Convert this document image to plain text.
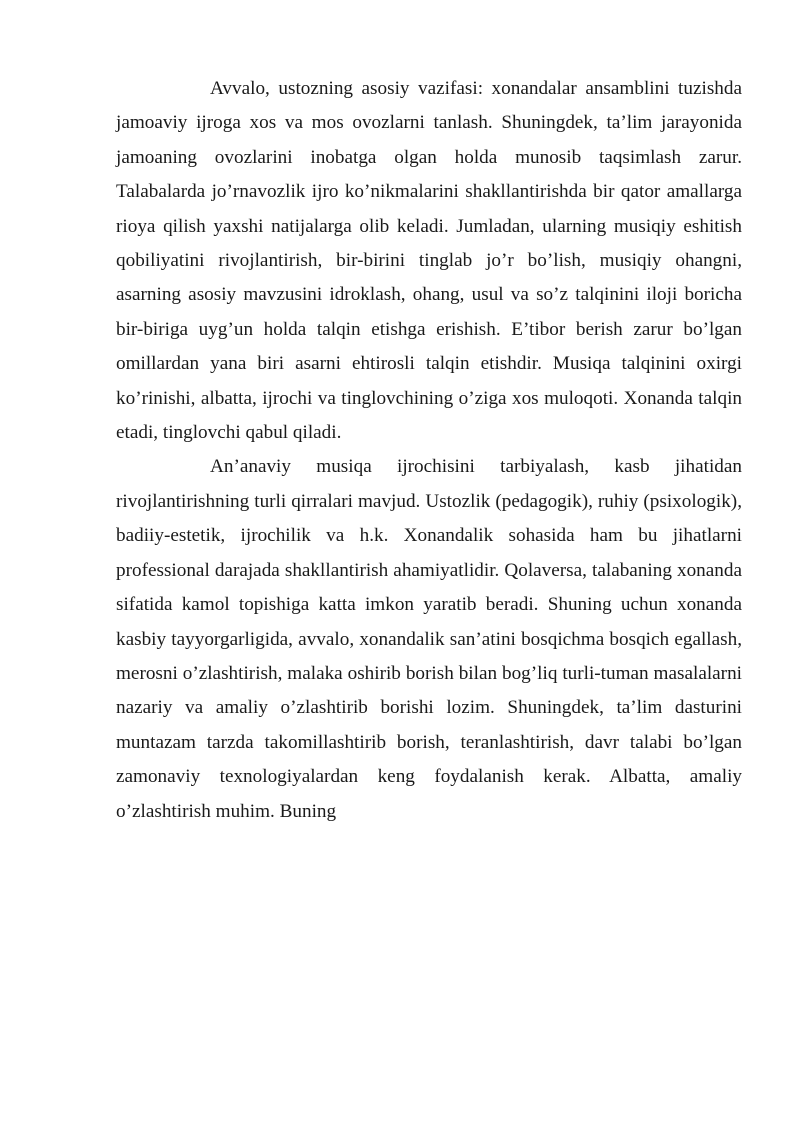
Avvalo, ustozning asosiy vazifasi: xonandalar ansamblini tuzishda jamoaviy ijroga xos va mos ovozlarni tanlash. Shuningdek, ta’lim jarayonida jamoaning ovozlarini inobatga olgan holda munosib taqsimlash zarur. Talabalarda jo’rnavozlik ijro ko’nikmalarini shakllantirishda bir qator amallarga rioya qilish yaxshi natijalarga olib keladi. Jumladan, ularning musiqiy eshitish qobiliyatini rivojlantirish, bir-birini tinglab jo’r bo’lish, musiqiy ohangni, asarning asosiy mavzusini idroklash, ohang, usul va so’z talqinini iloji boricha bir-biriga uyg’un holda talqin etishga erishish. E’tibor berish zarur bo’lgan omillardan yana biri asarni ehtirosli talqin etishdir. Musiqa talqinini oxirgi ko’rinishi, albatta, ijrochi va tinglovchining o’ziga xos muloqoti. Xonanda talqin etadi, tinglovchi qabul qiladi.

An’anaviy musiqa ijrochisini tarbiyalash, kasb jihatidan rivojlantirishning turli qirralari mavjud. Ustozlik (pedagogik), ruhiy (psixologik), badiiy-estetik, ijrochilik va h.k. Xonandalik sohasida ham bu jihatlarni professional darajada shakllantirish ahamiyatlidir. Qolaversa, talabaning xonanda sifatida kamol topishiga katta imkon yaratib beradi. Shuning uchun xonanda kasbiy tayyorgarligida, avvalo, xonandalik san’atini bosqichma bosqich egallash, merosni o’zlashtirish, malaka oshirib borish bilan bog’liq turli-tuman masalalarni nazariy va amaliy o’zlashtirib borishi lozim. Shuningdek, ta’lim dasturini muntazam tarzda takomillashtirib borish, teranlashtirish, davr talabi bo’lgan zamonaviy texnologiyalardan keng foydalanish kerak. Albatta, amaliy o’zlashtirish muhim. Buning
